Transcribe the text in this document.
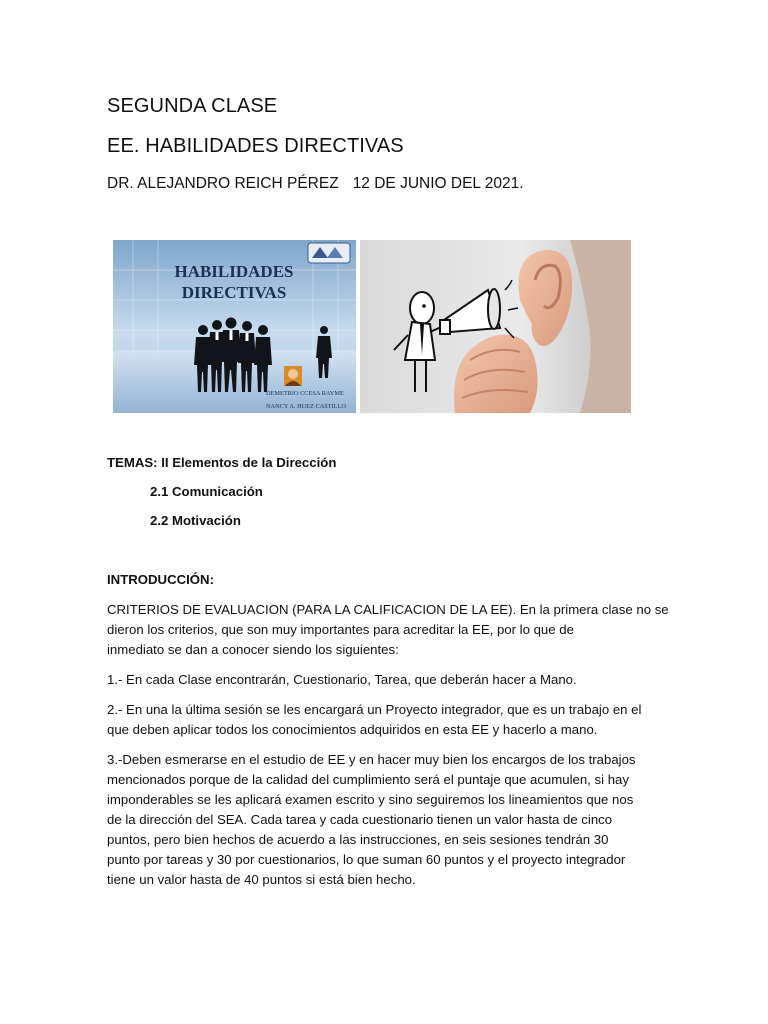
SEGUNDA CLASE
EE. HABILIDADES DIRECTIVAS
DR. ALEJANDRO REICH PÉREZ 12 DE JUNIO DEL 2021.
HABILIDADES
DIRECTIVAS
DEMETRIO CCESA RAYME
NANCY A. HUEZ CASTILLO
TEMAS: II Elementos de la Dirección
2.1 Comunicación
2.2 Motivación
INTRODUCCIÓN:
CRITERIOS DE EVALUACION (PARA LA CALIFICACION DE LA EE). En la primera clase no se
dieron los criterios, que son muy importantes para acreditar la EE, por lo que de
inmediato se dan a conocer siendo los siguientes:
1.- En cada Clase encontrarán, Cuestionario, Tarea, que deberán hacer a Mano.
2.- En una la última sesión se les encargará un Proyecto integrador, que es un trabajo en el
que deben aplicar todos los conocimientos adquiridos en esta EE y hacerlo a mano.
3.-Deben esmerarse en el estudio de EE y en hacer muy bien los encargos de los trabajos
mencionados porque de la calidad del cumplimiento será el puntaje que acumulen, si hay
imponderables se les aplicará examen escrito y sino seguiremos los lineamientos que nos
de la dirección del SEA. Cada tarea y cada cuestionario tienen un valor hasta de cinco
puntos, pero bien hechos de acuerdo a las instrucciones, en seis sesiones tendrán 30
punto por tareas y 30 por cuestionarios, lo que suman 60 puntos y el proyecto integrador
tiene un valor hasta de 40 puntos si está bien hecho.
